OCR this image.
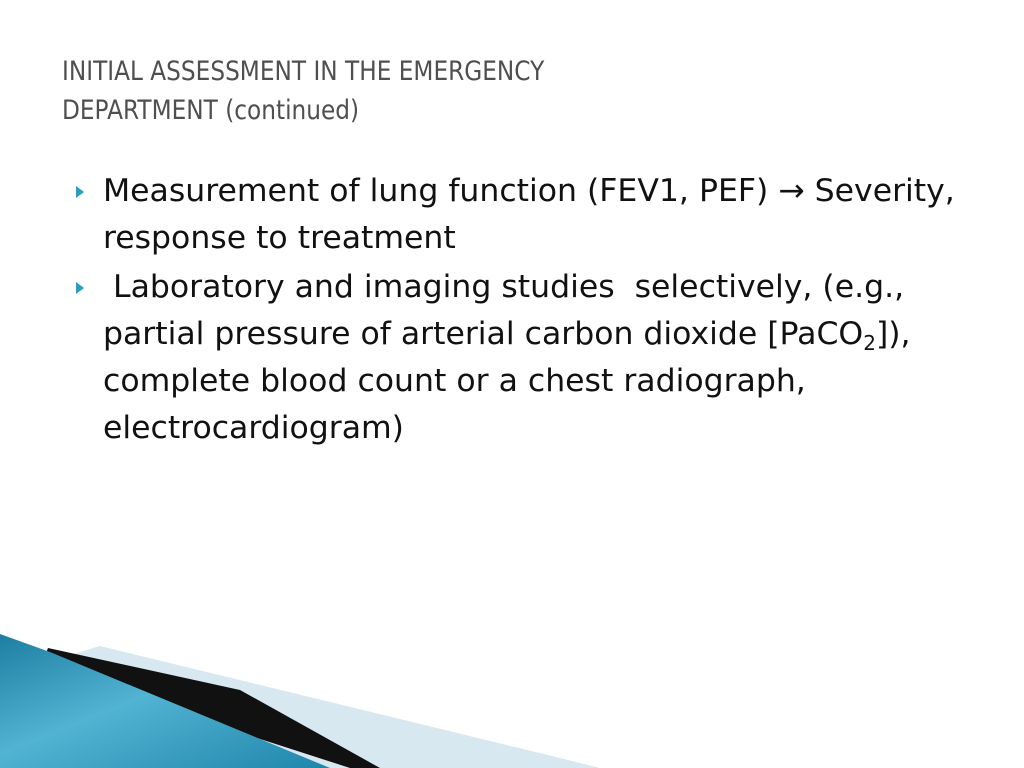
INITIAL ASSESSMENT IN THE EMERGENCY
DEPARTMENT (continued)
Measurement of lung function (FEV1, PEF) → Severity, response to treatment
Laboratory and imaging studies  selectively, (e.g., partial pressure of arterial carbon dioxide [PaCO$_2$]),  complete blood count or a chest radiograph, electrocardiogram)
